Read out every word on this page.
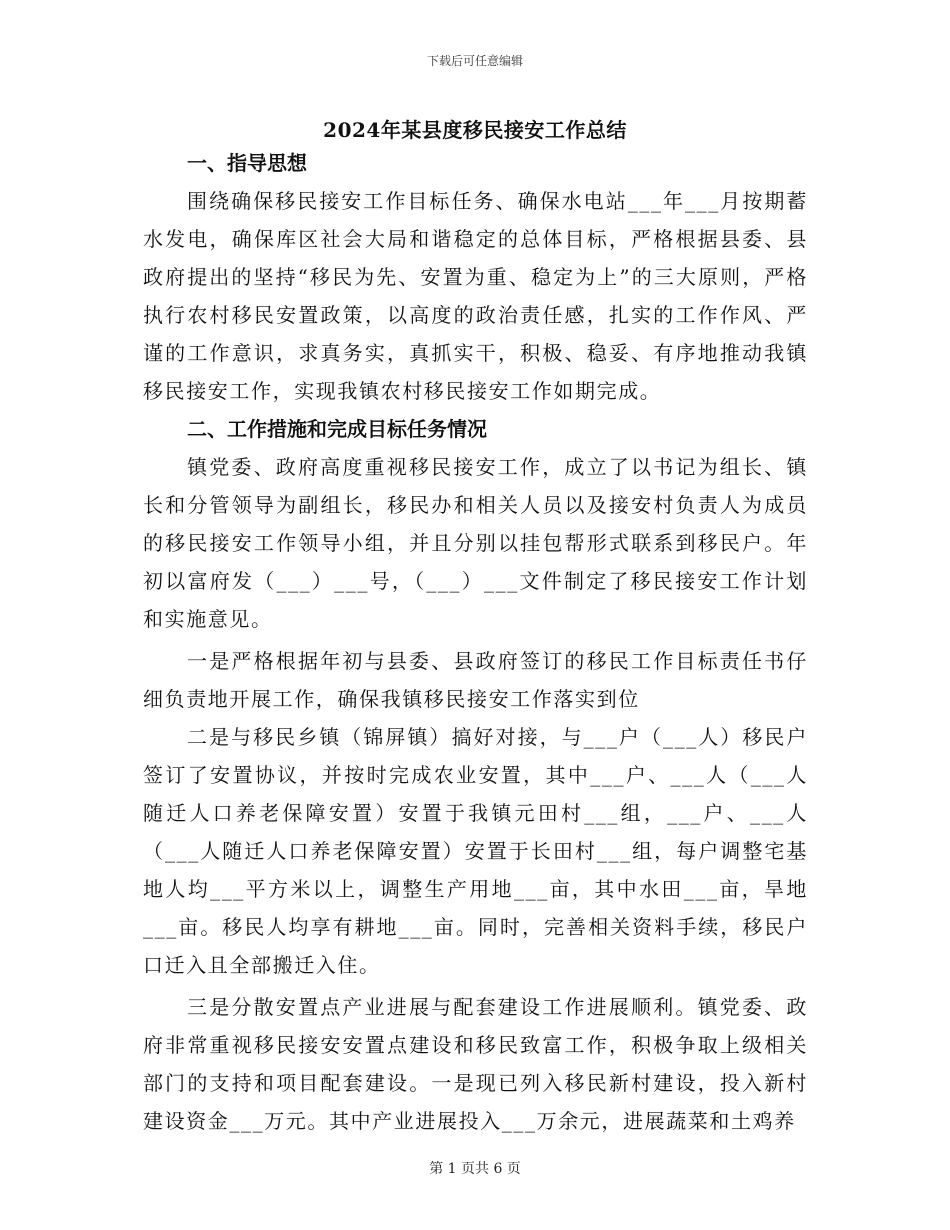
下载后可任意编辑
2024年某县度移民接安工作总结

一、指导思想

围绕确保移民接安工作目标任务、确保水电站___年___月按期蓄水发电，确保库区社会大局和谐稳定的总体目标，严格根据县委、县政府提出的坚持“移民为先、安置为重、稳定为上”的三大原则，严格执行农村移民安置政策，以高度的政治责任感，扎实的工作作风、严谨的工作意识，求真务实，真抓实干，积极、稳妥、有序地推动我镇移民接安工作，实现我镇农村移民接安工作如期完成。

二、工作措施和完成目标任务情况

镇党委、政府高度重视移民接安工作，成立了以书记为组长、镇长和分管领导为副组长，移民办和相关人员以及接安村负责人为成员的移民接安工作领导小组，并且分别以挂包帮形式联系到移民户。年初以富府发（___）___号，（___）___文件制定了移民接安工作计划和实施意见。

一是严格根据年初与县委、县政府签订的移民工作目标责任书仔细负责地开展工作，确保我镇移民接安工作落实到位

二是与移民乡镇（锦屏镇）搞好对接，与___户（___人）移民户签订了安置协议，并按时完成农业安置，其中___户、___人（___人随迁人口养老保障安置）安置于我镇元田村___组，___户、___人（___人随迁人口养老保障安置）安置于长田村___组，每户调整宅基地人均___平方米以上，调整生产用地___亩，其中水田___亩，旱地___亩。移民人均享有耕地___亩。同时，完善相关资料手续，移民户口迁入且全部搬迁入住。

三是分散安置点产业进展与配套建设工作进展顺利。镇党委、政府非常重视移民接安安置点建设和移民致富工作，积极争取上级相关部门的支持和项目配套建设。一是现已列入移民新村建设，投入新村建设资金___万元。其中产业进展投入___万余元，进展蔬菜和土鸡养

第 1 页共 6 页
